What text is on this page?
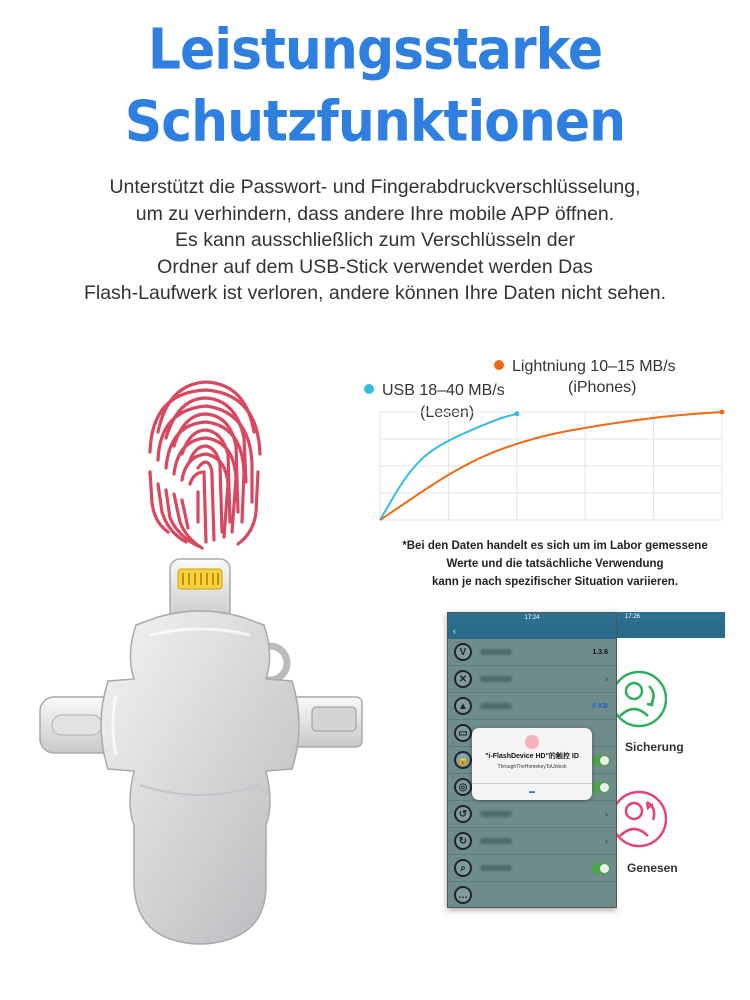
Leistungsstarke
Schutzfunktionen
Unterstützt die Passwort- und Fingerabdruckverschlüsselung,
um zu verhindern, dass andere Ihre mobile APP öffnen.
Es kann ausschließlich zum Verschlüsseln der
Ordner auf dem USB-Stick verwendet werden Das
Flash-Laufwerk ist verloren, andere können Ihre Daten nicht sehen.
Lightniung 10–15 MB/s
(iPhones)
USB 18–40 MB/s
(Lesen)
*Bei den Daten handelt es sich um im Labor gemessene
Werte und die tatsächliche Verwendung
kann je nach spezifischer Situation variieren.
17:24
‹
V	1.3.6
✕	›
▲	0 KB
▭
🔒
◎
↺	›
↻	›
⌕
…
"i-FlashDevice HD"的触控 ID
ThroughTheHomekeyToUnlock
▬
17:26
Sicherung
Genesen
